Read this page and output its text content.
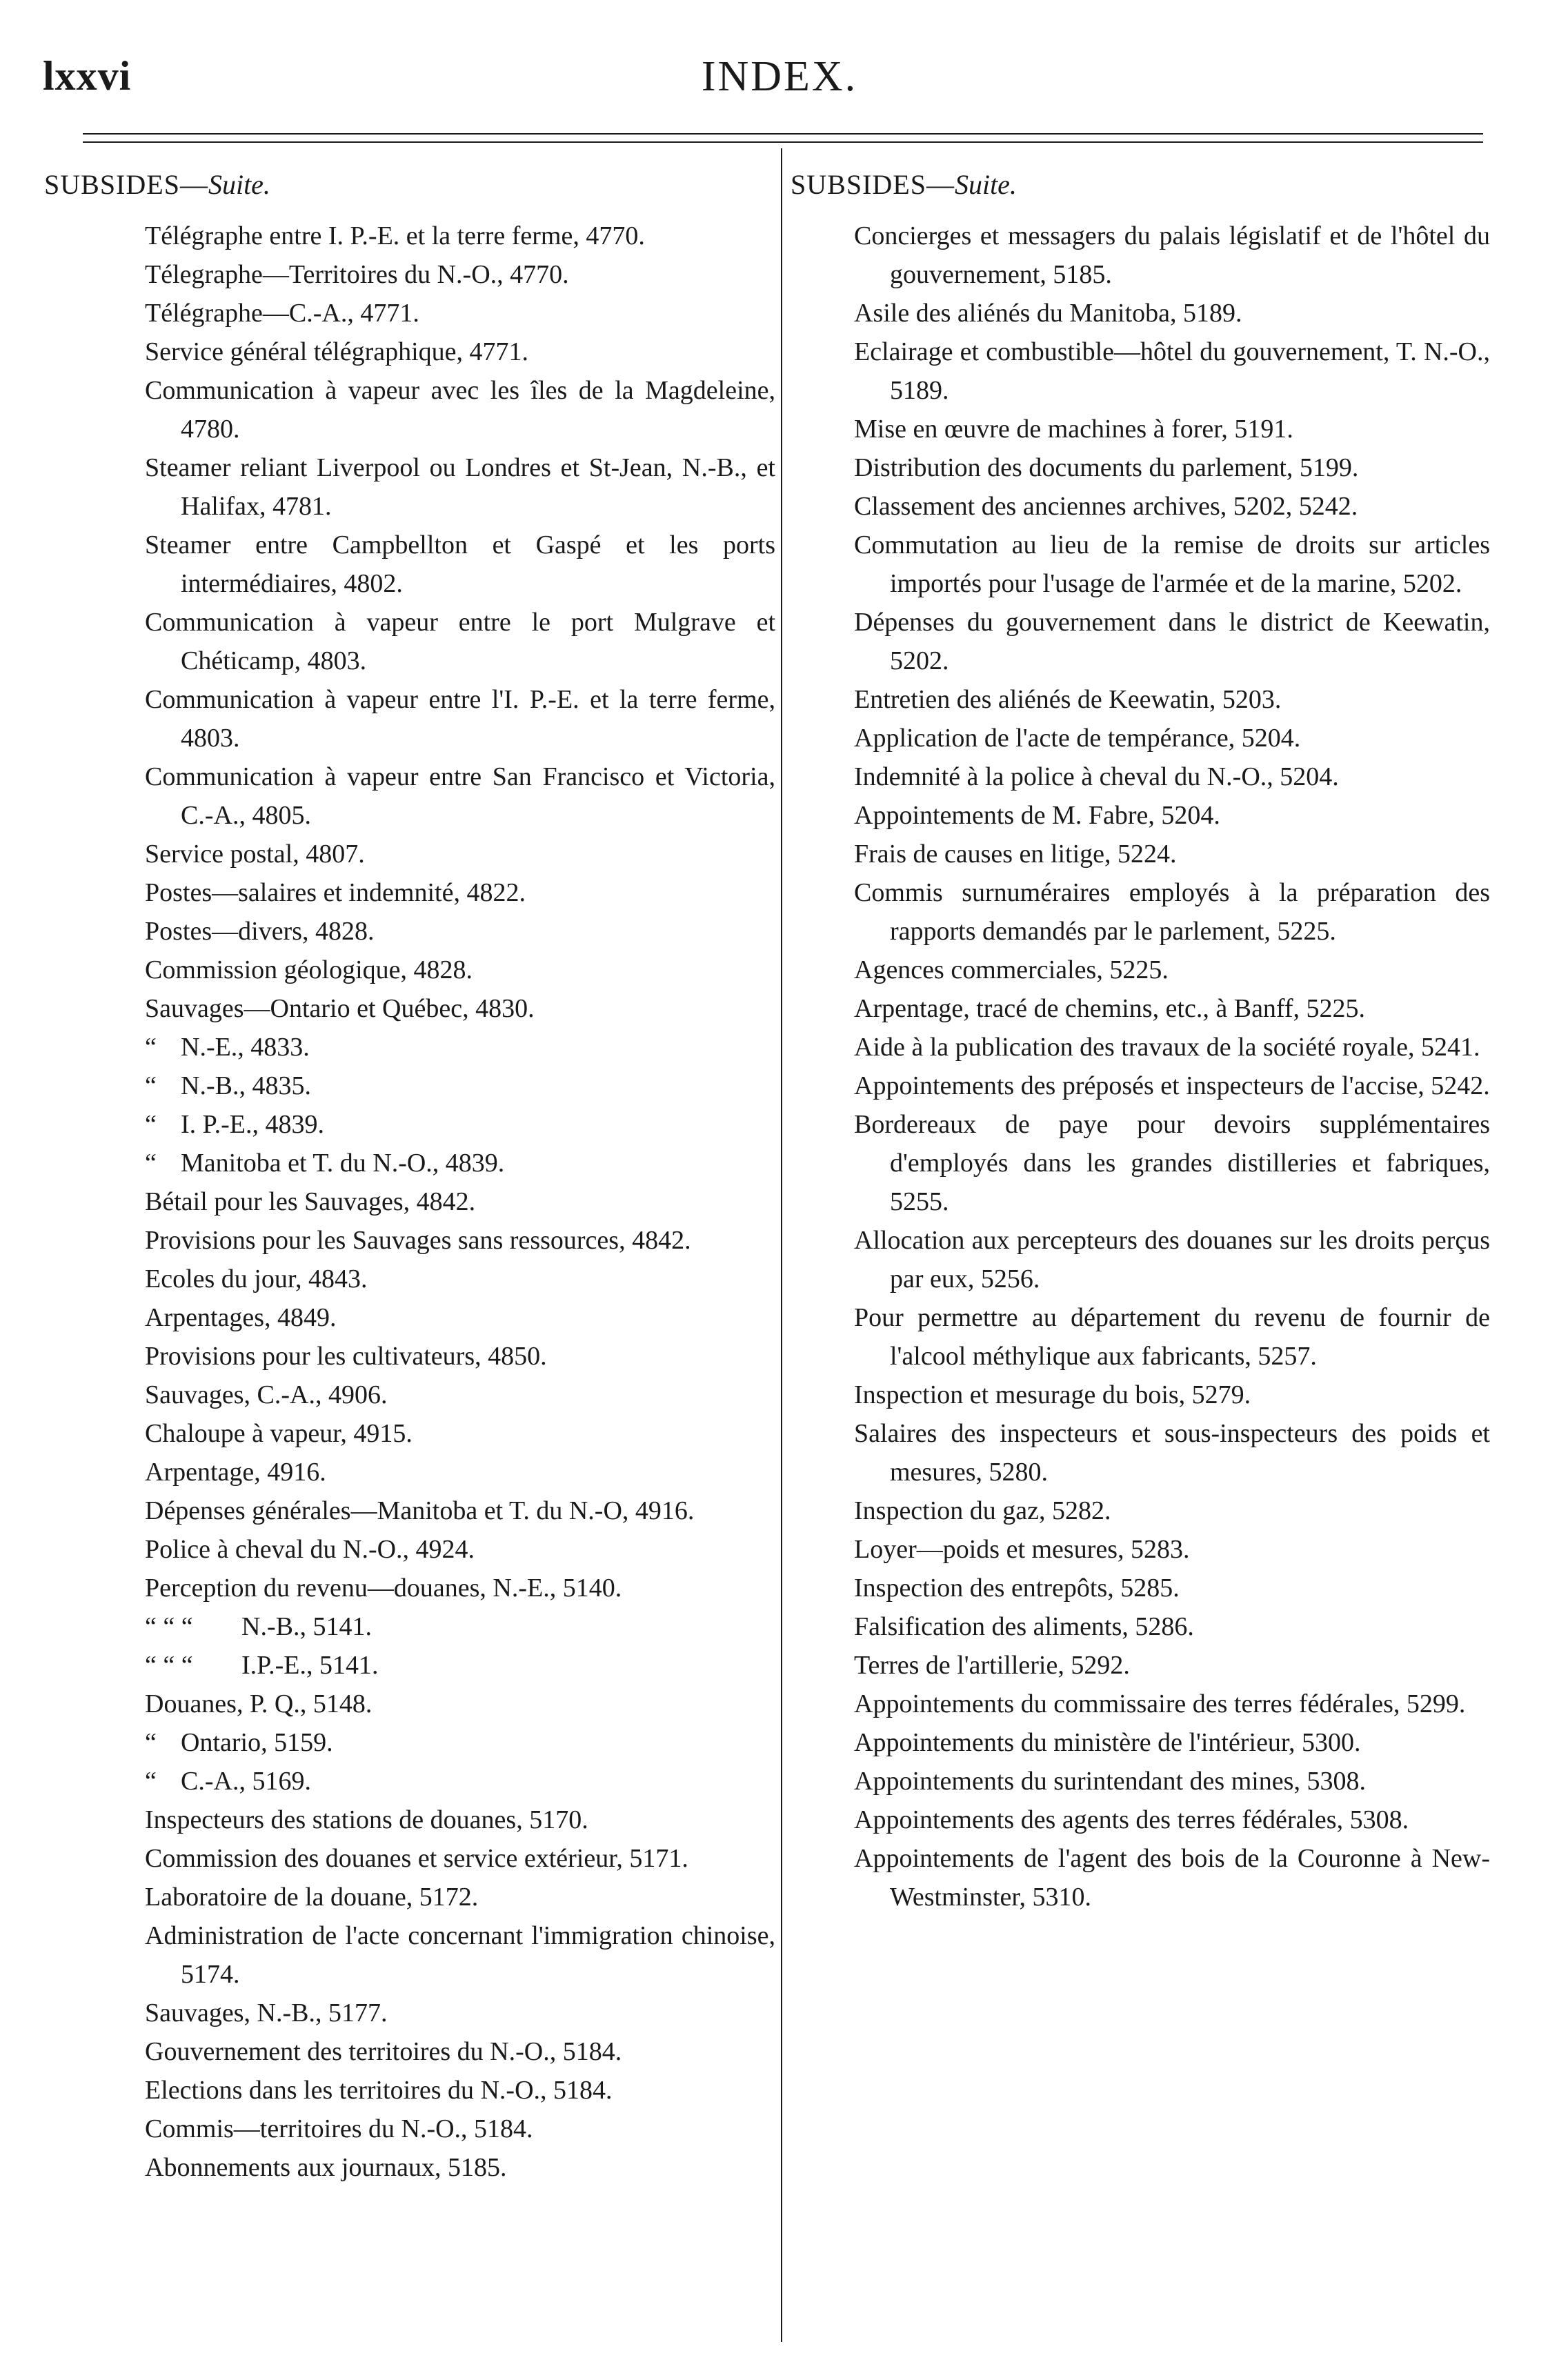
lxxvi	INDEX.
SUBSIDES—Suite.
Télégraphe entre I. P.-E. et la terre ferme, 4770.
Télegraphe—Territoires du N.-O., 4770.
Télégraphe—C.-A., 4771.
Service général télégraphique, 4771.
Communication à vapeur avec les îles de la Magdeleine, 4780.
Steamer reliant Liverpool ou Londres et St-Jean, N.-B., et Halifax, 4781.
Steamer entre Campbellton et Gaspé et les ports intermédiaires, 4802.
Communication à vapeur entre le port Mulgrave et Chéticamp, 4803.
Communication à vapeur entre l'I. P.-E. et la terre ferme, 4803.
Communication à vapeur entre San Francisco et Victoria, C.-A., 4805.
Service postal, 4807.
Postes—salaires et indemnité, 4822.
Postes—divers, 4828.
Commission géologique, 4828.
Sauvages—Ontario et Québec, 4830.
“ N.-E., 4833.
“ N.-B., 4835.
“ I. P.-E., 4839.
“ Manitoba et T. du N.-O., 4839.
Bétail pour les Sauvages, 4842.
Provisions pour les Sauvages sans ressources, 4842.
Ecoles du jour, 4843.
Arpentages, 4849.
Provisions pour les cultivateurs, 4850.
Sauvages, C.-A., 4906.
Chaloupe à vapeur, 4915.
Arpentage, 4916.
Dépenses générales—Manitoba et T. du N.-O, 4916.
Police à cheval du N.-O., 4924.
Perception du revenu—douanes, N.-E., 5140.
“ “ “ N.-B., 5141.
“ “ “ I.P.-E., 5141.
Douanes, P. Q., 5148.
“ Ontario, 5159.
“ C.-A., 5169.
Inspecteurs des stations de douanes, 5170.
Commission des douanes et service extérieur, 5171.
Laboratoire de la douane, 5172.
Administration de l'acte concernant l'immigration chinoise, 5174.
Sauvages, N.-B., 5177.
Gouvernement des territoires du N.-O., 5184.
Elections dans les territoires du N.-O., 5184.
Commis—territoires du N.-O., 5184.
Abonnements aux journaux, 5185.
SUBSIDES—Suite.
Concierges et messagers du palais législatif et de l'hôtel du gouvernement, 5185.
Asile des aliénés du Manitoba, 5189.
Eclairage et combustible—hôtel du gouvernement, T. N.-O., 5189.
Mise en œuvre de machines à forer, 5191.
Distribution des documents du parlement, 5199.
Classement des anciennes archives, 5202, 5242.
Commutation au lieu de la remise de droits sur articles importés pour l'usage de l'armée et de la marine, 5202.
Dépenses du gouvernement dans le district de Keewatin, 5202.
Entretien des aliénés de Keewatin, 5203.
Application de l'acte de tempérance, 5204.
Indemnité à la police à cheval du N.-O., 5204.
Appointements de M. Fabre, 5204.
Frais de causes en litige, 5224.
Commis surnuméraires employés à la préparation des rapports demandés par le parlement, 5225.
Agences commerciales, 5225.
Arpentage, tracé de chemins, etc., à Banff, 5225.
Aide à la publication des travaux de la société royale, 5241.
Appointements des préposés et inspecteurs de l'accise, 5242.
Bordereaux de paye pour devoirs supplémentaires d'employés dans les grandes distilleries et fabriques, 5255.
Allocation aux percepteurs des douanes sur les droits perçus par eux, 5256.
Pour permettre au département du revenu de fournir de l'alcool méthylique aux fabricants, 5257.
Inspection et mesurage du bois, 5279.
Salaires des inspecteurs et sous-inspecteurs des poids et mesures, 5280.
Inspection du gaz, 5282.
Loyer—poids et mesures, 5283.
Inspection des entrepôts, 5285.
Falsification des aliments, 5286.
Terres de l'artillerie, 5292.
Appointements du commissaire des terres fédérales, 5299.
Appointements du ministère de l'intérieur, 5300.
Appointements du surintendant des mines, 5308.
Appointements des agents des terres fédérales, 5308.
Appointements de l'agent des bois de la Couronne à New-Westminster, 5310.
